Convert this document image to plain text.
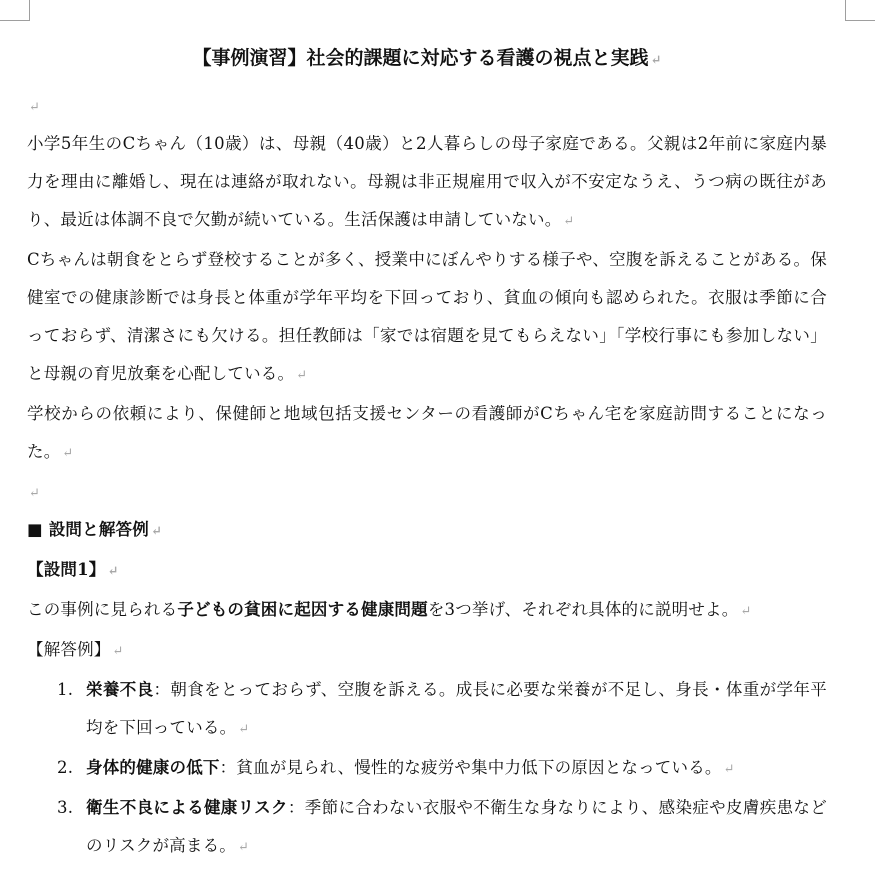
【事例演習】社会的課題に対応する看護の視点と実践 ↵
↵

小学5年生のCちゃん（10歳）は、母親（40歳）と2人暮らしの母子家庭である。父親は2年前に家庭内暴力を理由に離婚し、現在は連絡が取れない。母親は非正規雇用で収入が不安定なうえ、うつ病の既往があり、最近は体調不良で欠勤が続いている。生活保護は申請していない。 ↵

Cちゃんは朝食をとらず登校することが多く、授業中にぼんやりする様子や、空腹を訴えることがある。保健室での健康診断では身長と体重が学年平均を下回っており、貧血の傾向も認められた。衣服は季節に合っておらず、清潔さにも欠ける。担任教師は「家では宿題を見てもらえない」「学校行事にも参加しない」と母親の育児放棄を心配している。 ↵

学校からの依頼により、保健師と地域包括支援センターの看護師がCちゃん宅を家庭訪問することになった。 ↵

↵

■ 設問と解答例 ↵

【設問1】 ↵

この事例に見られる子どもの貧困に起因する健康問題を3つ挙げ、それぞれ具体的に説明せよ。 ↵

【解答例】 ↵

1. 栄養不良：朝食をとっておらず、空腹を訴える。成長に必要な栄養が不足し、身長・体重が学年平均を下回っている。 ↵
2. 身体的健康の低下：貧血が見られ、慢性的な疲労や集中力低下の原因となっている。 ↵
3. 衛生不良による健康リスク：季節に合わない衣服や不衛生な身なりにより、感染症や皮膚疾患などのリスクが高まる。 ↵
